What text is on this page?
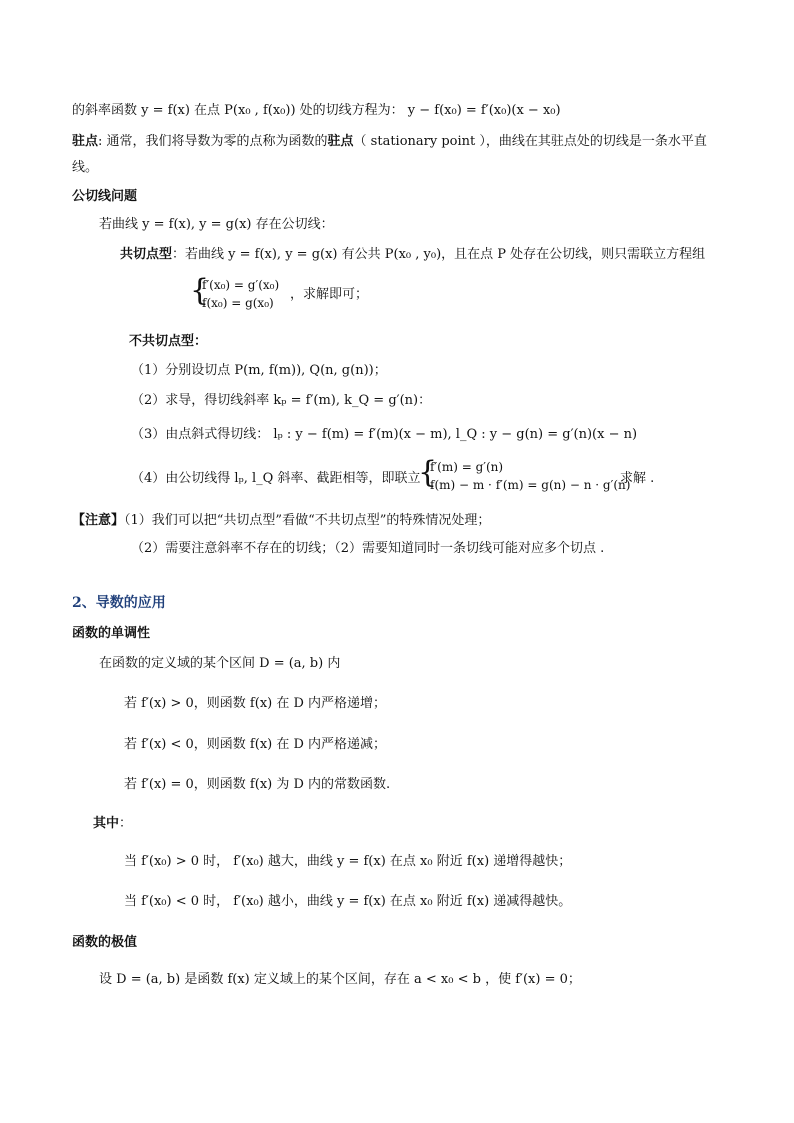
的斜率函数 y = f(x) 在点 P(x₀ , f(x₀)) 处的切线方程为： y − f(x₀) = f′(x₀)(x − x₀)
驻点: 通常，我们将导数为零的点称为函数的驻点（ stationary point ），曲线在其驻点处的切线是一条水平直
线。
公切线问题
若曲线 y = f(x), y = g(x) 存在公切线：
共切点型：若曲线 y = f(x), y = g(x) 有公共 P(x₀ , y₀)，且在点 P 处存在公切线，则只需联立方程组
{
f′(x₀) = g′(x₀)
f(x₀) = g(x₀)
，求解即可；
不共切点型：
（1）分别设切点 P(m, f(m)), Q(n, g(n))；
（2）求导，得切线斜率 kₚ = f′(m), k_Q = g′(n)：
（3）由点斜式得切线： lₚ : y − f(m) = f′(m)(x − m), l_Q : y − g(n) = g′(n)(x − n)
（4）由公切线得 lₚ, l_Q 斜率、截距相等，即联立
{
f′(m) = g′(n)
f(m) − m · f′(m) = g(n) − n · g′(n)
求解 .
【注意】（1）我们可以把“共切点型”看做“不共切点型”的特殊情况处理；
（2）需要注意斜率不存在的切线；（2）需要知道同时一条切线可能对应多个切点 .
2、导数的应用
函数的单调性
在函数的定义域的某个区间 D = (a, b) 内
若 f′(x) > 0，则函数 f(x) 在 D 内严格递增；
若 f′(x) < 0，则函数 f(x) 在 D 内严格递减；
若 f′(x) = 0，则函数 f(x) 为 D 内的常数函数.
其中：
当 f′(x₀) > 0 时， f′(x₀) 越大，曲线 y = f(x) 在点 x₀ 附近 f(x) 递增得越快；
当 f′(x₀) < 0 时， f′(x₀) 越小，曲线 y = f(x) 在点 x₀ 附近 f(x) 递减得越快。
函数的极值
设 D = (a, b) 是函数 f(x) 定义域上的某个区间，存在 a < x₀ < b ，使 f′(x) = 0；
